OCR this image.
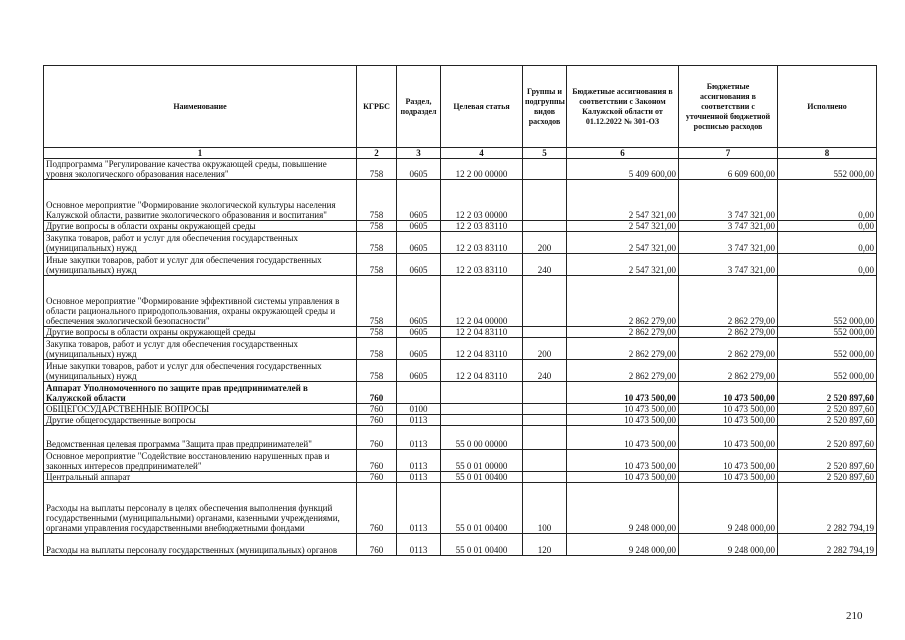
Наименование	КГРБС	Раздел, подраздел	Целевая статья	Группы и подгруппы видов расходов	Бюджетные ассигнования в соответствии с Законом Калужской области от 01.12.2022 № 301-ОЗ	Бюджетные ассигнования в соответствии с уточненной бюджетной росписью расходов	Исполнено
1	2	3	4	5	6	7	8
Подпрограмма "Регулирование качества окружающей среды, повышение уровня экологического образования населения"	758	0605	12 2 00 00000		5 409 600,00	6 609 600,00	552 000,00
Основное мероприятие "Формирование экологической культуры населения Калужской области, развитие экологического образования и воспитания"	758	0605	12 2 03 00000		2 547 321,00	3 747 321,00	0,00
Другие вопросы в области охраны окружающей среды	758	0605	12 2 03 83110		2 547 321,00	3 747 321,00	0,00
Закупка товаров, работ и услуг для обеспечения государственных (муниципальных) нужд	758	0605	12 2 03 83110	200	2 547 321,00	3 747 321,00	0,00
Иные закупки товаров, работ и услуг для обеспечения государственных (муниципальных) нужд	758	0605	12 2 03 83110	240	2 547 321,00	3 747 321,00	0,00
Основное мероприятие "Формирование эффективной системы управления в области рационального природопользования, охраны окружающей среды и обеспечения экологической безопасности"	758	0605	12 2 04 00000		2 862 279,00	2 862 279,00	552 000,00
Другие вопросы в области охраны окружающей среды	758	0605	12 2 04 83110		2 862 279,00	2 862 279,00	552 000,00
Закупка товаров, работ и услуг для обеспечения государственных (муниципальных) нужд	758	0605	12 2 04 83110	200	2 862 279,00	2 862 279,00	552 000,00
Иные закупки товаров, работ и услуг для обеспечения государственных (муниципальных) нужд	758	0605	12 2 04 83110	240	2 862 279,00	2 862 279,00	552 000,00
Аппарат Уполномоченного по защите прав предпринимателей в Калужской области	760				10 473 500,00	10 473 500,00	2 520 897,60
ОБЩЕГОСУДАРСТВЕННЫЕ ВОПРОСЫ	760	0100			10 473 500,00	10 473 500,00	2 520 897,60
Другие общегосударственные вопросы	760	0113			10 473 500,00	10 473 500,00	2 520 897,60
Ведомственная целевая программа "Защита прав предпринимателей"	760	0113	55 0 00 00000		10 473 500,00	10 473 500,00	2 520 897,60
Основное мероприятие "Содействие восстановлению нарушенных прав и законных интересов предпринимателей"	760	0113	55 0 01 00000		10 473 500,00	10 473 500,00	2 520 897,60
Центральный аппарат	760	0113	55 0 01 00400		10 473 500,00	10 473 500,00	2 520 897,60
Расходы на выплаты персоналу в целях обеспечения выполнения функций государственными (муниципальными) органами, казенными учреждениями, органами управления государственными внебюджетными фондами	760	0113	55 0 01 00400	100	9 248 000,00	9 248 000,00	2 282 794,19
Расходы на выплаты персоналу государственных (муниципальных) органов	760	0113	55 0 01 00400	120	9 248 000,00	9 248 000,00	2 282 794,19
210
